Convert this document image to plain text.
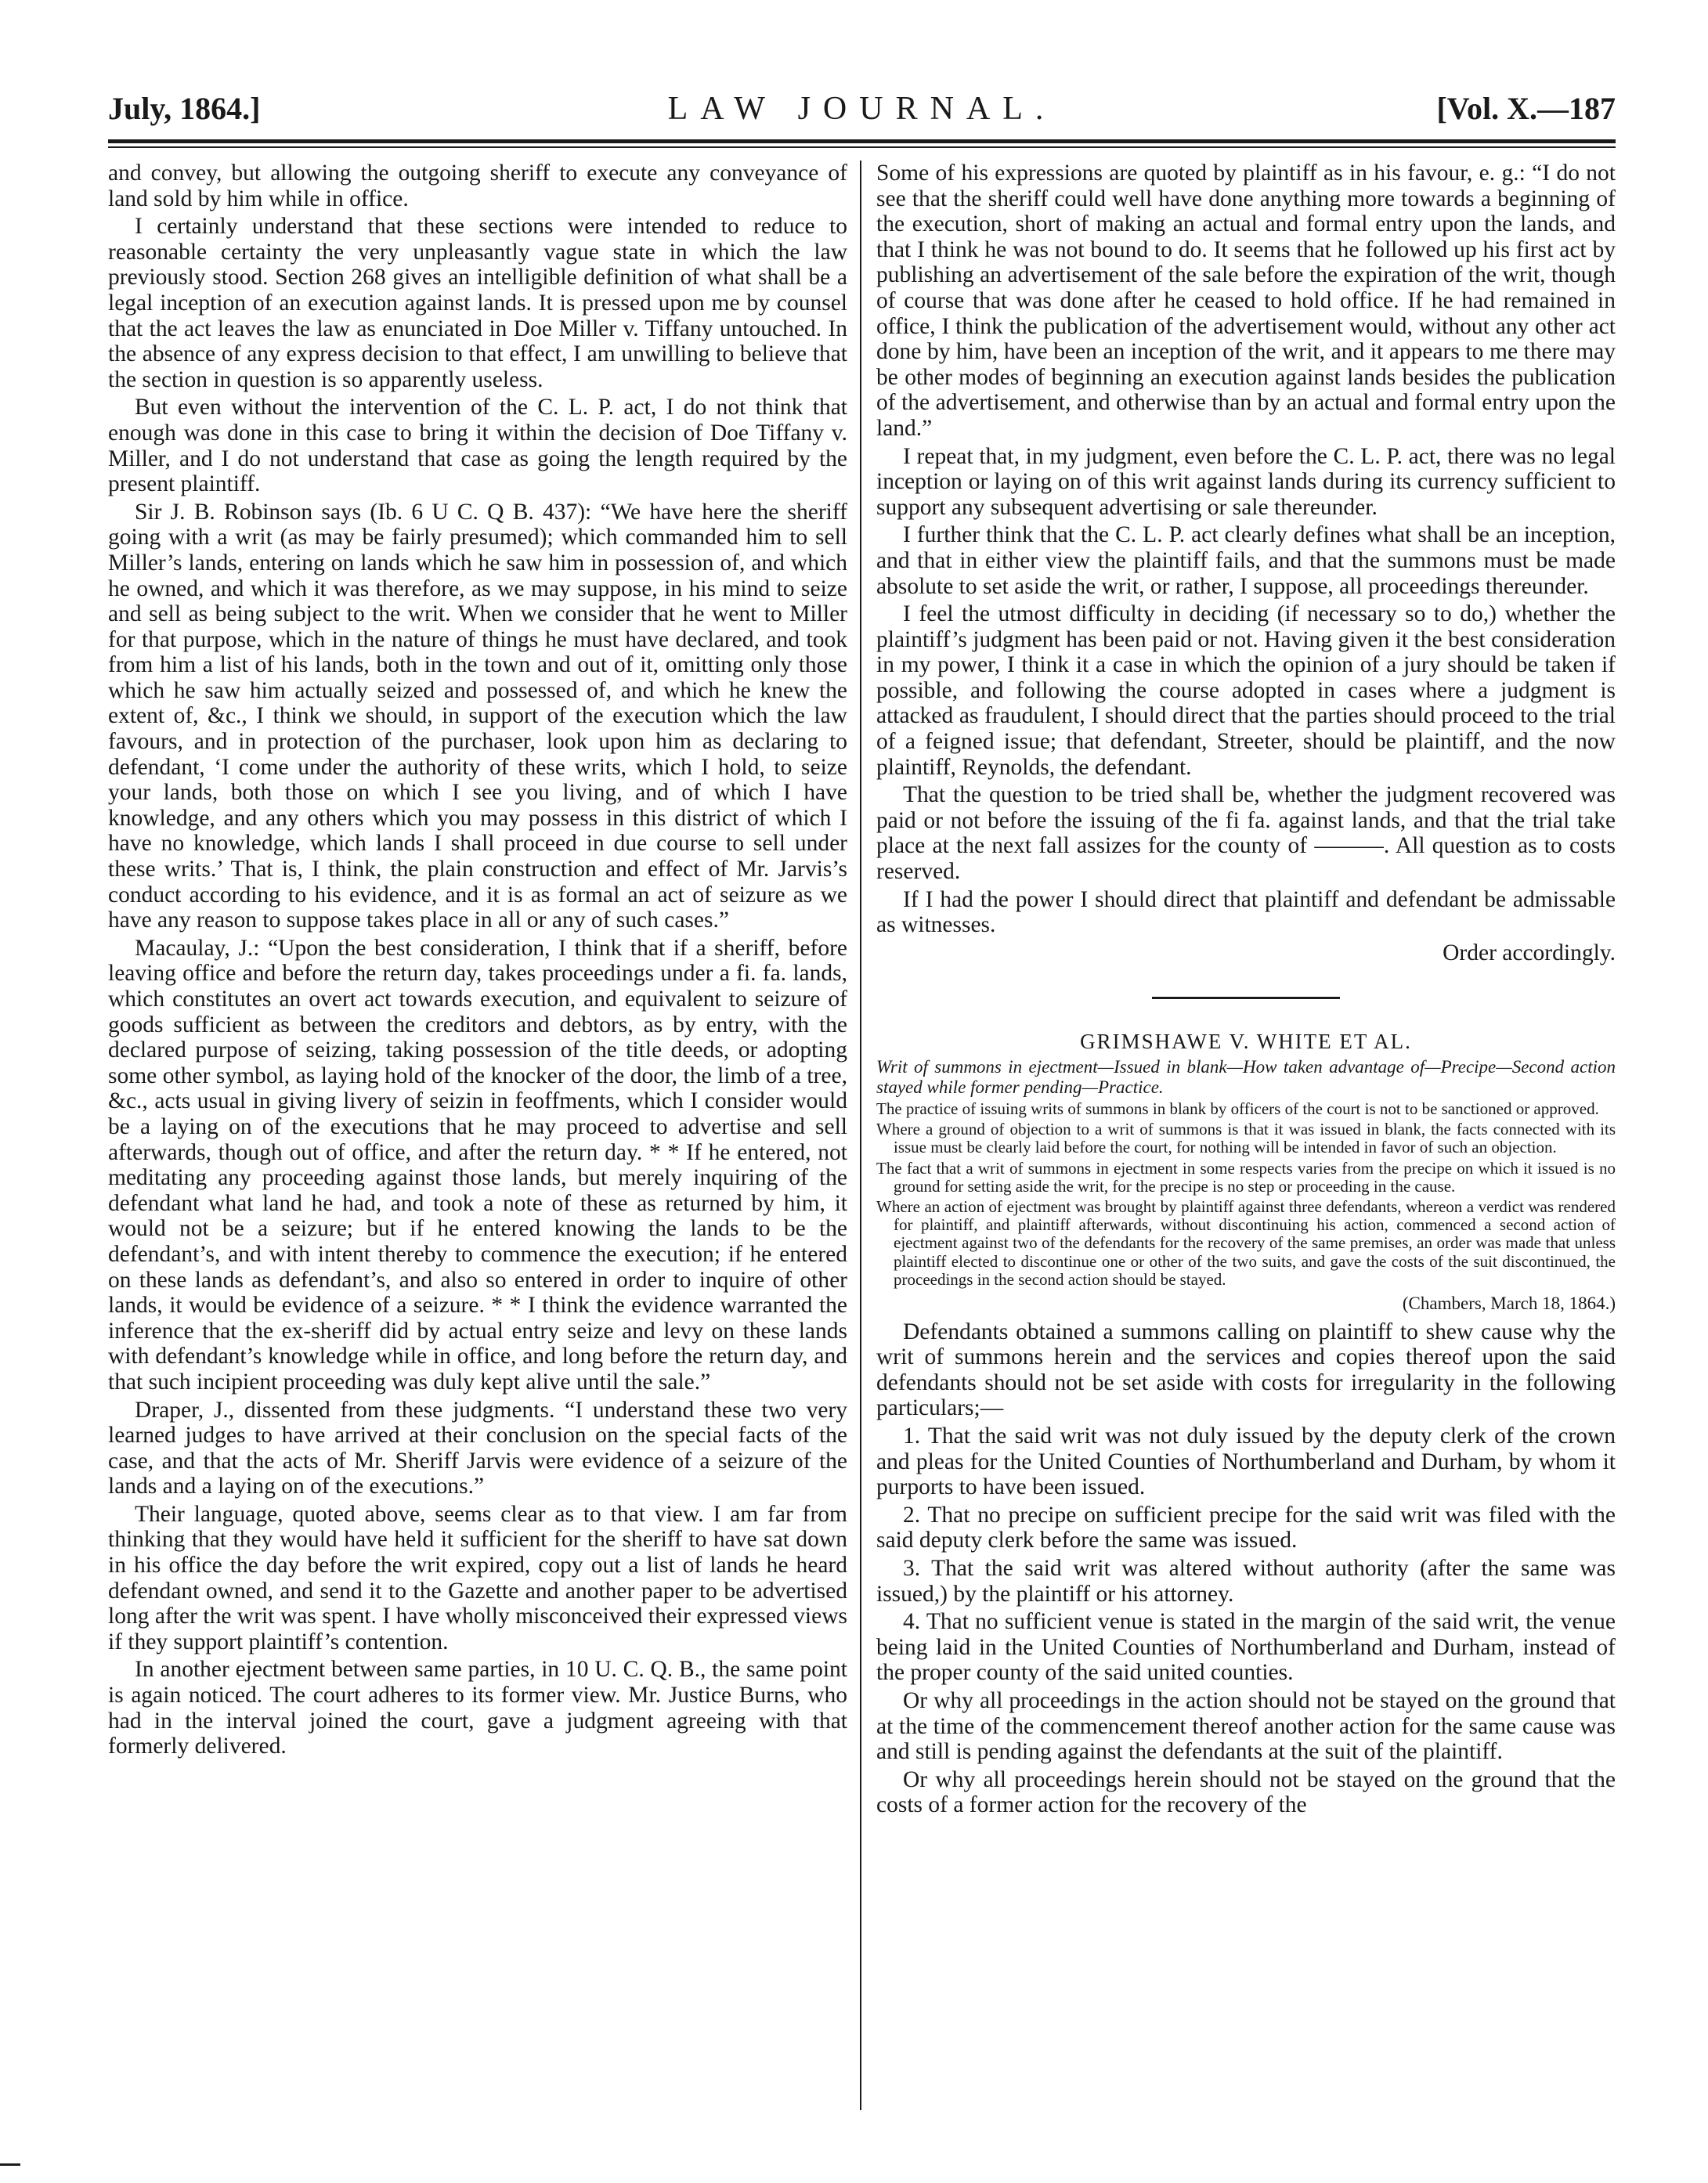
July, 1864.]	LAW JOURNAL.	[Vol. X.—187

and convey, but allowing the outgoing sheriff to execute any conveyance of land sold by him while in office.

I certainly understand that these sections were intended to reduce to reasonable certainty the very unpleasantly vague state in which the law previously stood. Section 268 gives an intelligible definition of what shall be a legal inception of an execution against lands. It is pressed upon me by counsel that the act leaves the law as enunciated in Doe Miller v. Tiffany untouched. In the absence of any express decision to that effect, I am unwilling to believe that the section in question is so apparently useless.

But even without the intervention of the C. L. P. act, I do not think that enough was done in this case to bring it within the decision of Doe Tiffany v. Miller, and I do not understand that case as going the length required by the present plaintiff.

Sir J. B. Robinson says (Ib. 6 U C. Q B. 437): “We have here the sheriff going with a writ (as may be fairly presumed); which commanded him to sell Miller’s lands, entering on lands which he saw him in possession of, and which he owned, and which it was therefore, as we may suppose, in his mind to seize and sell as being subject to the writ. When we consider that he went to Miller for that purpose, which in the nature of things he must have declared, and took from him a list of his lands, both in the town and out of it, omitting only those which he saw him actually seized and possessed of, and which he knew the extent of, &c., I think we should, in support of the execution which the law favours, and in protection of the purchaser, look upon him as declaring to defendant, ‘I come under the authority of these writs, which I hold, to seize your lands, both those on which I see you living, and of which I have knowledge, and any others which you may possess in this district of which I have no knowledge, which lands I shall proceed in due course to sell under these writs.’ That is, I think, the plain construction and effect of Mr. Jarvis’s conduct according to his evidence, and it is as formal an act of seizure as we have any reason to suppose takes place in all or any of such cases.”

Macaulay, J.: “Upon the best consideration, I think that if a sheriff, before leaving office and before the return day, takes proceedings under a fi. fa. lands, which constitutes an overt act towards execution, and equivalent to seizure of goods sufficient as between the creditors and debtors, as by entry, with the declared purpose of seizing, taking possession of the title deeds, or adopting some other symbol, as laying hold of the knocker of the door, the limb of a tree, &c., acts usual in giving livery of seizin in feoffments, which I consider would be a laying on of the executions that he may proceed to advertise and sell afterwards, though out of office, and after the return day. * * If he entered, not meditating any proceeding against those lands, but merely inquiring of the defendant what land he had, and took a note of these as returned by him, it would not be a seizure; but if he entered knowing the lands to be the defendant’s, and with intent thereby to commence the execution; if he entered on these lands as defendant’s, and also so entered in order to inquire of other lands, it would be evidence of a seizure. * * I think the evidence warranted the inference that the ex-sheriff did by actual entry seize and levy on these lands with defendant’s knowledge while in office, and long before the return day, and that such incipient proceeding was duly kept alive until the sale.”

Draper, J., dissented from these judgments. “I understand these two very learned judges to have arrived at their conclusion on the special facts of the case, and that the acts of Mr. Sheriff Jarvis were evidence of a seizure of the lands and a laying on of the executions.”

Their language, quoted above, seems clear as to that view. I am far from thinking that they would have held it sufficient for the sheriff to have sat down in his office the day before the writ expired, copy out a list of lands he heard defendant owned, and send it to the Gazette and another paper to be advertised long after the writ was spent. I have wholly misconceived their expressed views if they support plaintiff’s contention.

In another ejectment between same parties, in 10 U. C. Q. B., the same point is again noticed. The court adheres to its former view. Mr. Justice Burns, who had in the interval joined the court, gave a judgment agreeing with that formerly delivered.

Some of his expressions are quoted by plaintiff as in his favour, e. g.: “I do not see that the sheriff could well have done anything more towards a beginning of the execution, short of making an actual and formal entry upon the lands, and that I think he was not bound to do. It seems that he followed up his first act by publishing an advertisement of the sale before the expiration of the writ, though of course that was done after he ceased to hold office. If he had remained in office, I think the publication of the advertisement would, without any other act done by him, have been an inception of the writ, and it appears to me there may be other modes of beginning an execution against lands besides the publication of the advertisement, and otherwise than by an actual and formal entry upon the land.”

I repeat that, in my judgment, even before the C. L. P. act, there was no legal inception or laying on of this writ against lands during its currency sufficient to support any subsequent advertising or sale thereunder.

I further think that the C. L. P. act clearly defines what shall be an inception, and that in either view the plaintiff fails, and that the summons must be made absolute to set aside the writ, or rather, I suppose, all proceedings thereunder.

I feel the utmost difficulty in deciding (if necessary so to do,) whether the plaintiff’s judgment has been paid or not. Having given it the best consideration in my power, I think it a case in which the opinion of a jury should be taken if possible, and following the course adopted in cases where a judgment is attacked as fraudulent, I should direct that the parties should proceed to the trial of a feigned issue; that defendant, Streeter, should be plaintiff, and the now plaintiff, Reynolds, the defendant.

That the question to be tried shall be, whether the judgment recovered was paid or not before the issuing of the fi fa. against lands, and that the trial take place at the next fall assizes for the county of ———. All question as to costs reserved.

If I had the power I should direct that plaintiff and defendant be admissable as witnesses.

Order accordingly.

GRIMSHAWE V. WHITE ET AL.

Writ of summons in ejectment—Issued in blank—How taken advantage of—Precipe—Second action stayed while former pending—Practice.

The practice of issuing writs of summons in blank by officers of the court is not to be sanctioned or approved.

Where a ground of objection to a writ of summons is that it was issued in blank, the facts connected with its issue must be clearly laid before the court, for nothing will be intended in favor of such an objection.

The fact that a writ of summons in ejectment in some respects varies from the precipe on which it issued is no ground for setting aside the writ, for the precipe is no step or proceeding in the cause.

Where an action of ejectment was brought by plaintiff against three defendants, whereon a verdict was rendered for plaintiff, and plaintiff afterwards, without discontinuing his action, commenced a second action of ejectment against two of the defendants for the recovery of the same premises, an order was made that unless plaintiff elected to discontinue one or other of the two suits, and gave the costs of the suit discontinued, the proceedings in the second action should be stayed.

(Chambers, March 18, 1864.)

Defendants obtained a summons calling on plaintiff to shew cause why the writ of summons herein and the services and copies thereof upon the said defendants should not be set aside with costs for irregularity in the following particulars;—

1. That the said writ was not duly issued by the deputy clerk of the crown and pleas for the United Counties of Northumberland and Durham, by whom it purports to have been issued.

2. That no precipe on sufficient precipe for the said writ was filed with the said deputy clerk before the same was issued.

3. That the said writ was altered without authority (after the same was issued,) by the plaintiff or his attorney.

4. That no sufficient venue is stated in the margin of the said writ, the venue being laid in the United Counties of Northumberland and Durham, instead of the proper county of the said united counties.

Or why all proceedings in the action should not be stayed on the ground that at the time of the commencement thereof another action for the same cause was and still is pending against the defendants at the suit of the plaintiff.

Or why all proceedings herein should not be stayed on the ground that the costs of a former action for the recovery of the
